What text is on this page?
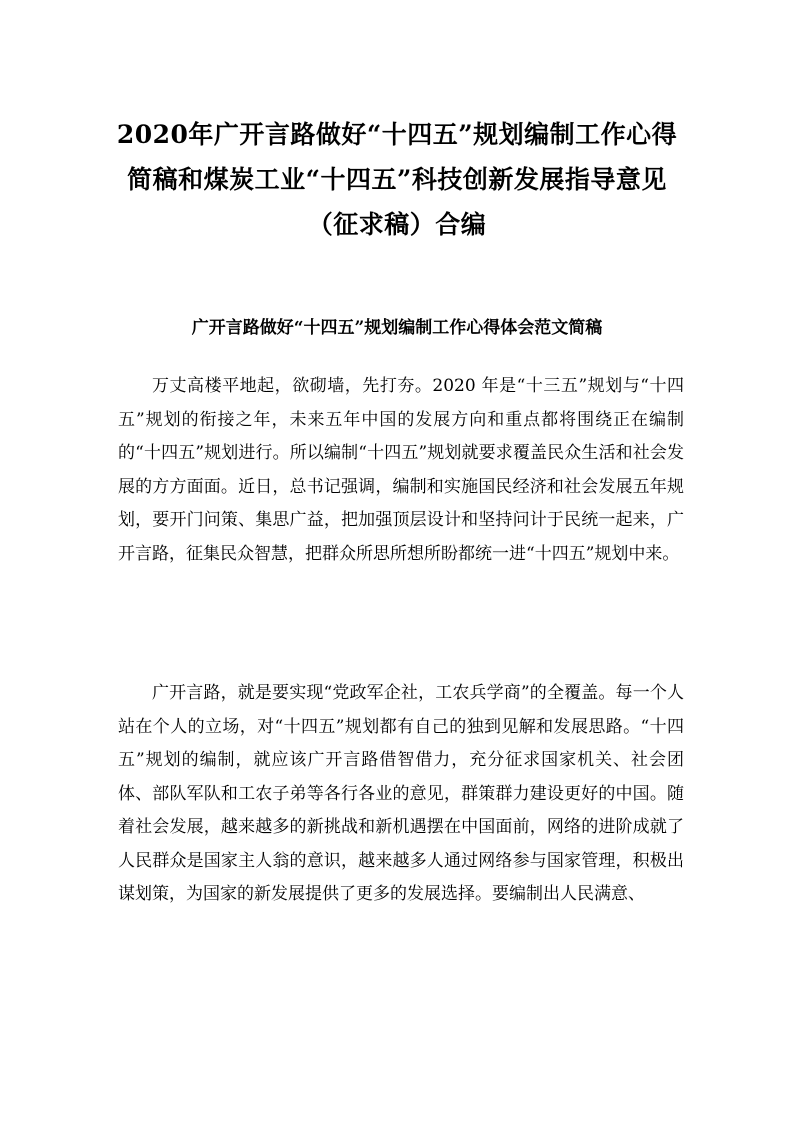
2020年广开言路做好“十四五”规划编制工作心得简稿和煤炭工业“十四五”科技创新发展指导意见（征求稿）合编
广开言路做好“十四五”规划编制工作心得体会范文简稿

万丈高楼平地起，欲砌墙，先打夯。2020 年是“十三五”规划与“十四五”规划的衔接之年，未来五年中国的发展方向和重点都将围绕正在编制的“十四五”规划进行。所以编制“十四五”规划就要求覆盖民众生活和社会发展的方方面面。近日，总书记强调，编制和实施国民经济和社会发展五年规划，要开门问策、集思广益，把加强顶层设计和坚持问计于民统一起来，广开言路，征集民众智慧，把群众所思所想所盼都统一进“十四五”规划中来。

广开言路，就是要实现“党政军企社，工农兵学商”的全覆盖。每一个人站在个人的立场，对“十四五”规划都有自己的独到见解和发展思路。“十四五”规划的编制，就应该广开言路借智借力，充分征求国家机关、社会团体、部队军队和工农子弟等各行各业的意见，群策群力建设更好的中国。随着社会发展，越来越多的新挑战和新机遇摆在中国面前，网络的进阶成就了人民群众是国家主人翁的意识，越来越多人通过网络参与国家管理，积极出谋划策，为国家的新发展提供了更多的发展选择。要编制出人民满意、
